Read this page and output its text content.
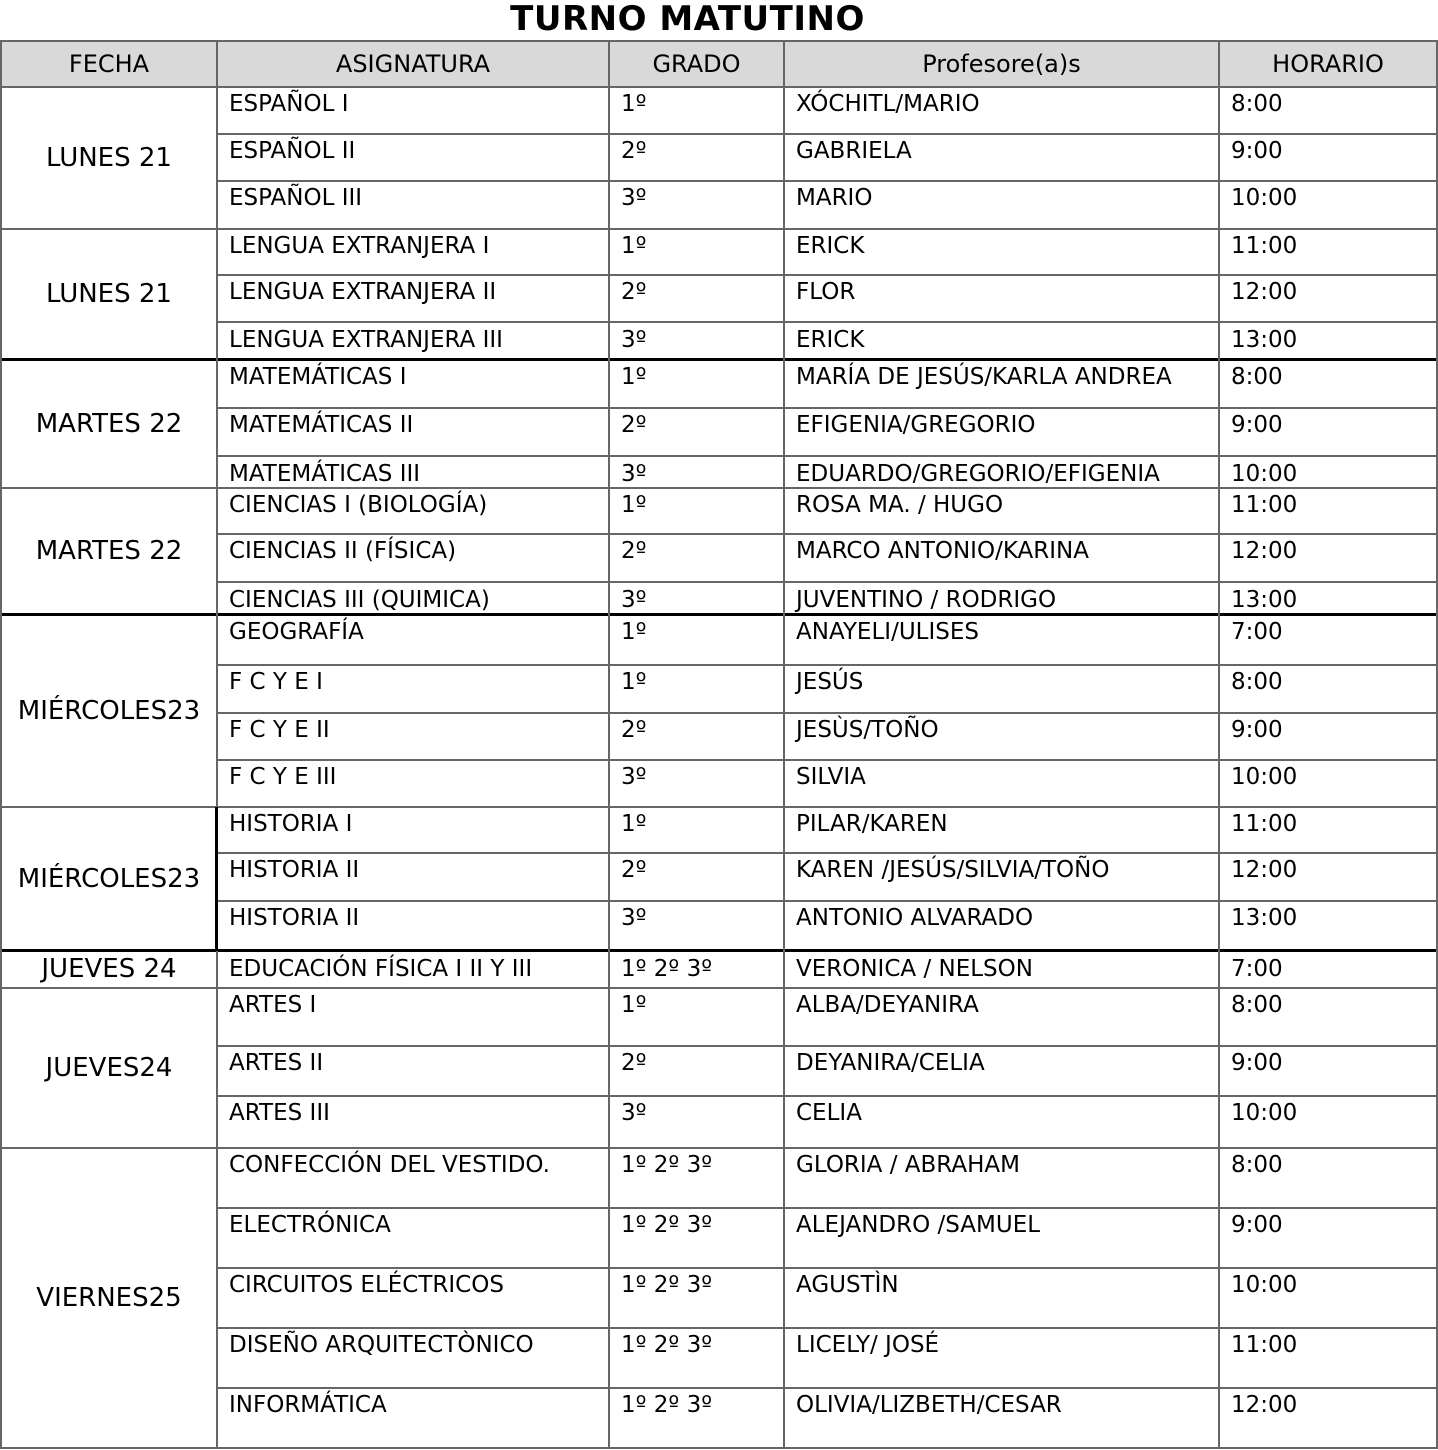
TURNO MATUTINO
FECHA	ASIGNATURA	GRADO	Profesore(a)s	HORARIO
LUNES 21
ESPAÑOL I	1º	XÓCHITL/MARIO	8:00
ESPAÑOL II	2º	GABRIELA	9:00
ESPAÑOL III	3º	MARIO	10:00
LUNES 21
LENGUA EXTRANJERA I	1º	ERICK	11:00
LENGUA EXTRANJERA II	2º	FLOR	12:00
LENGUA EXTRANJERA III	3º	ERICK	13:00
MARTES 22
MATEMÁTICAS I	1º	MARÍA DE JESÚS/KARLA ANDREA	8:00
MATEMÁTICAS II	2º	EFIGENIA/GREGORIO	9:00
MATEMÁTICAS III	3º	EDUARDO/GREGORIO/EFIGENIA	10:00
MARTES 22
CIENCIAS I (BIOLOGÍA)	1º	ROSA MA. / HUGO	11:00
CIENCIAS II (FÍSICA)	2º	MARCO ANTONIO/KARINA	12:00
CIENCIAS III (QUIMICA)	3º	JUVENTINO / RODRIGO	13:00
MIÉRCOLES 23
GEOGRAFÍA	1º	ANAYELI/ULISES	7:00
F C Y E I	1º	JESÚS	8:00
F C Y E II	2º	JESÙS/TOÑO	9:00
F C Y E III	3º	SILVIA	10:00
MIÉRCOLES 23
HISTORIA I	1º	PILAR/KAREN	11:00
HISTORIA II	2º	KAREN /JESÚS/SILVIA/TOÑO	12:00
HISTORIA II	3º	ANTONIO ALVARADO	13:00
JUEVES 24	EDUCACIÓN FÍSICA I II Y III	1º 2º 3º	VERONICA / NELSON	7:00
JUEVES 24
ARTES I	1º	ALBA/DEYANIRA	8:00
ARTES II	2º	DEYANIRA/CELIA	9:00
ARTES III	3º	CELIA	10:00
VIERNES 25
CONFECCIÓN DEL VESTIDO.	1º 2º 3º	GLORIA / ABRAHAM	8:00
ELECTRÓNICA	1º 2º 3º	ALEJANDRO /SAMUEL	9:00
CIRCUITOS ELÉCTRICOS	1º 2º 3º	AGUSTÌN	10:00
DISEÑO ARQUITECTÒNICO	1º 2º 3º	LICELY/ JOSÉ	11:00
INFORMÁTICA	1º 2º 3º	OLIVIA/LIZBETH/CESAR	12:00
